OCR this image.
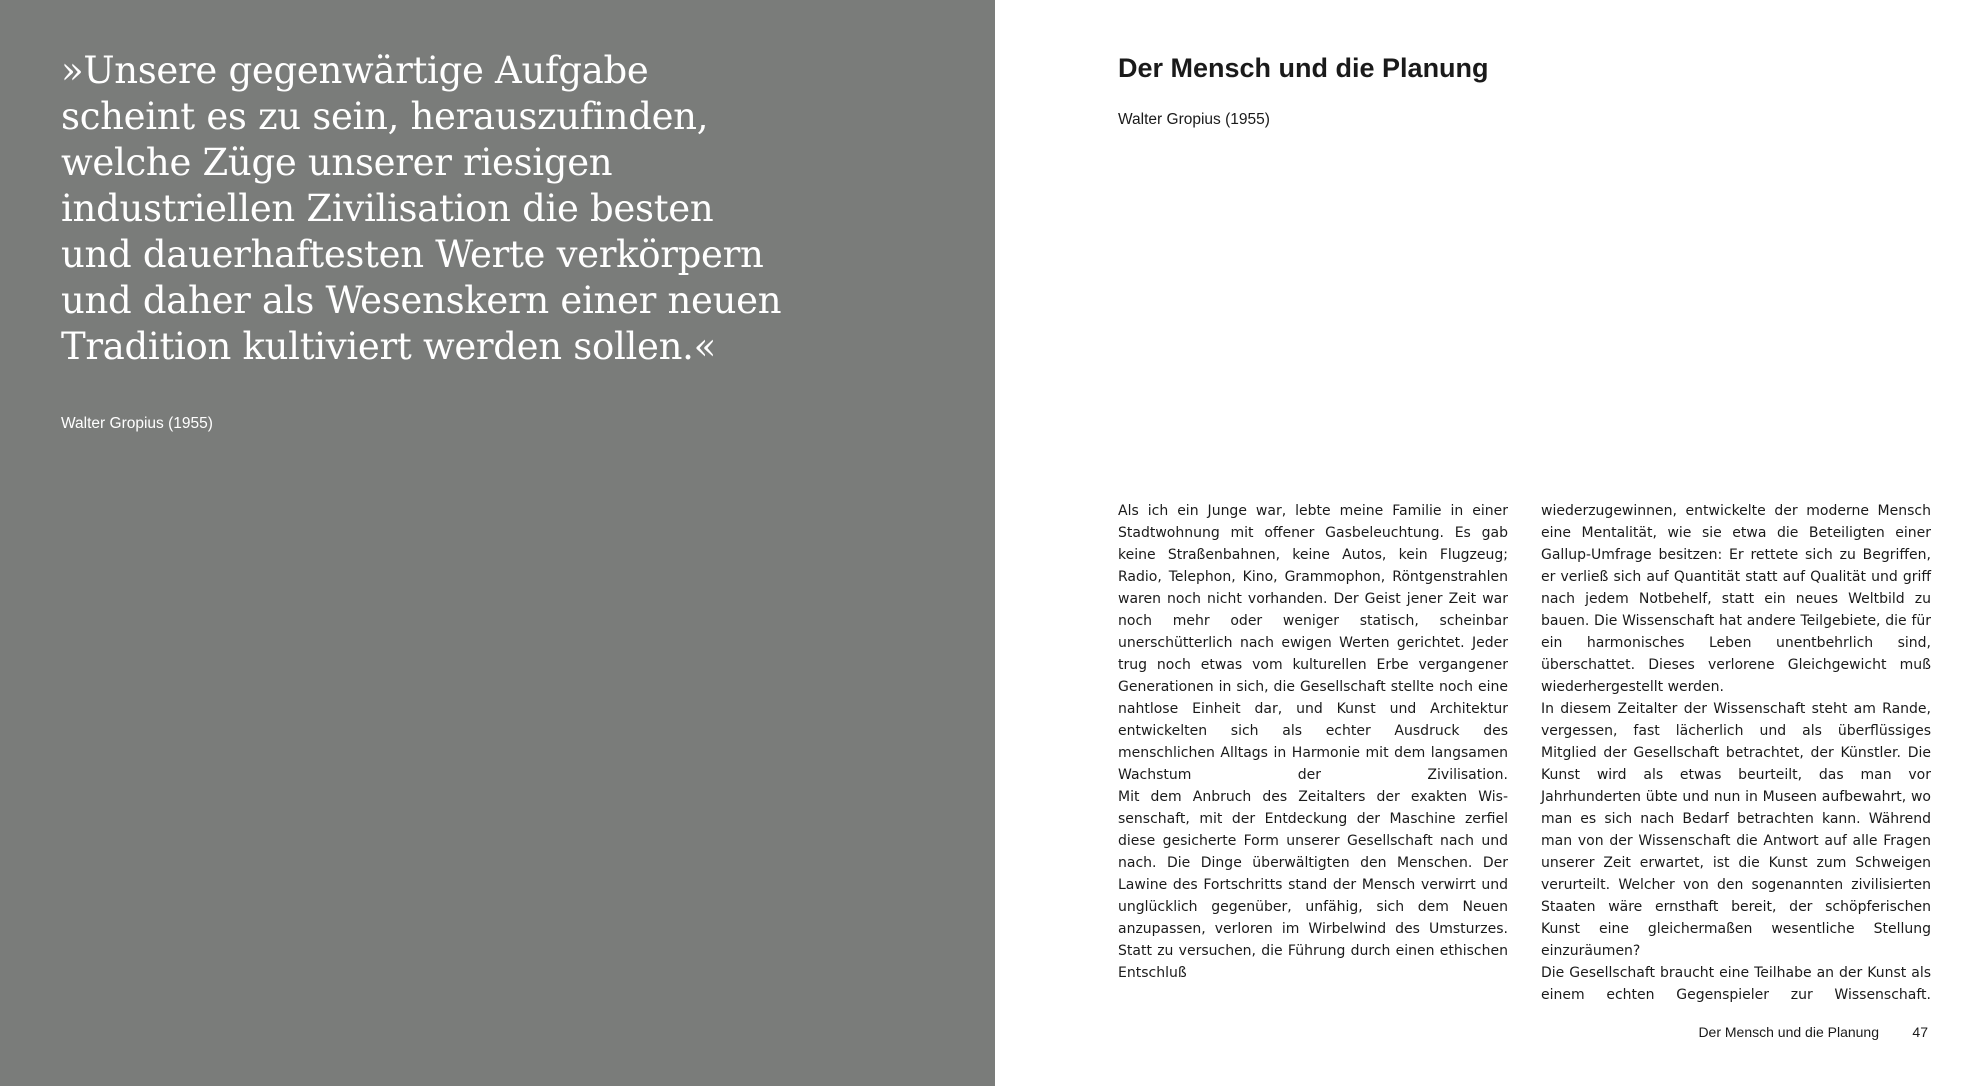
»Unsere gegenwärtige Aufgabe
scheint es zu sein, herauszufinden,
welche Züge unserer riesigen
industriellen Zivilisation die besten
und dauerhaftesten Werte verkörpern
und daher als Wesenskern einer neuen
Tradition kultiviert werden sollen.«

Walter Gropius (1955)

Der Mensch und die Planung

Walter Gropius (1955)

Als ich ein Junge war, lebte meine Familie in einer Stadtwohnung mit offener Gasbeleuchtung. Es gab keine Straßenbahnen, keine Autos, kein Flugzeug; Radio, Telephon, Kino, Grammophon, Röntgenstrahlen waren noch nicht vorhanden. Der Geist jener Zeit war noch mehr oder weniger statisch, scheinbar unerschütterlich nach ewigen Werten gerichtet. Jeder trug noch etwas vom kulturellen Erbe vergangener Generationen in sich, die Gesellschaft stellte noch eine nahtlose Einheit dar, und Kunst und Architektur entwickelten sich als echter Ausdruck des menschlichen Alltags in Harmonie mit dem langsamen Wachstum der Zivilisation.

Mit dem Anbruch des Zeitalters der exakten Wissenschaft, mit der Entdeckung der Maschine zerfiel diese gesicherte Form unserer Gesellschaft nach und nach. Die Dinge überwältigten den Menschen. Der Lawine des Fortschritts stand der Mensch verwirrt und unglücklich gegenüber, unfähig, sich dem Neuen anzupassen, verloren im Wirbelwind des Umsturzes. Statt zu versuchen, die Führung durch einen ethischen Entschluß

wiederzugewinnen, entwickelte der moderne Mensch eine Mentalität, wie sie etwa die Beteiligten einer Gallup-Umfrage besitzen: Er rettete sich zu Begriffen, er verließ sich auf Quantität statt auf Qualität und griff nach jedem Notbehelf, statt ein neues Weltbild zu bauen. Die Wissenschaft hat andere Teilgebiete, die für ein harmonisches Leben unentbehrlich sind, überschattet. Dieses verlorene Gleichgewicht muß wiederhergestellt werden.

In diesem Zeitalter der Wissenschaft steht am Rande, vergessen, fast lächerlich und als überflüssiges Mitglied der Gesellschaft betrachtet, der Künstler. Die Kunst wird als etwas beurteilt, das man vor Jahrhunderten übte und nun in Museen aufbewahrt, wo man es sich nach Bedarf betrachten kann. Während man von der Wissenschaft die Antwort auf alle Fragen unserer Zeit erwartet, ist die Kunst zum Schweigen verurteilt. Welcher von den sogenannten zivilisierten Staaten wäre ernsthaft bereit, der schöpferischen Kunst eine gleichermaßen wesentliche Stellung einzuräumen?

Die Gesellschaft braucht eine Teilhabe an der Kunst als einem echten Gegenspieler zur Wissenschaft.

Der Mensch und die Planung 47
